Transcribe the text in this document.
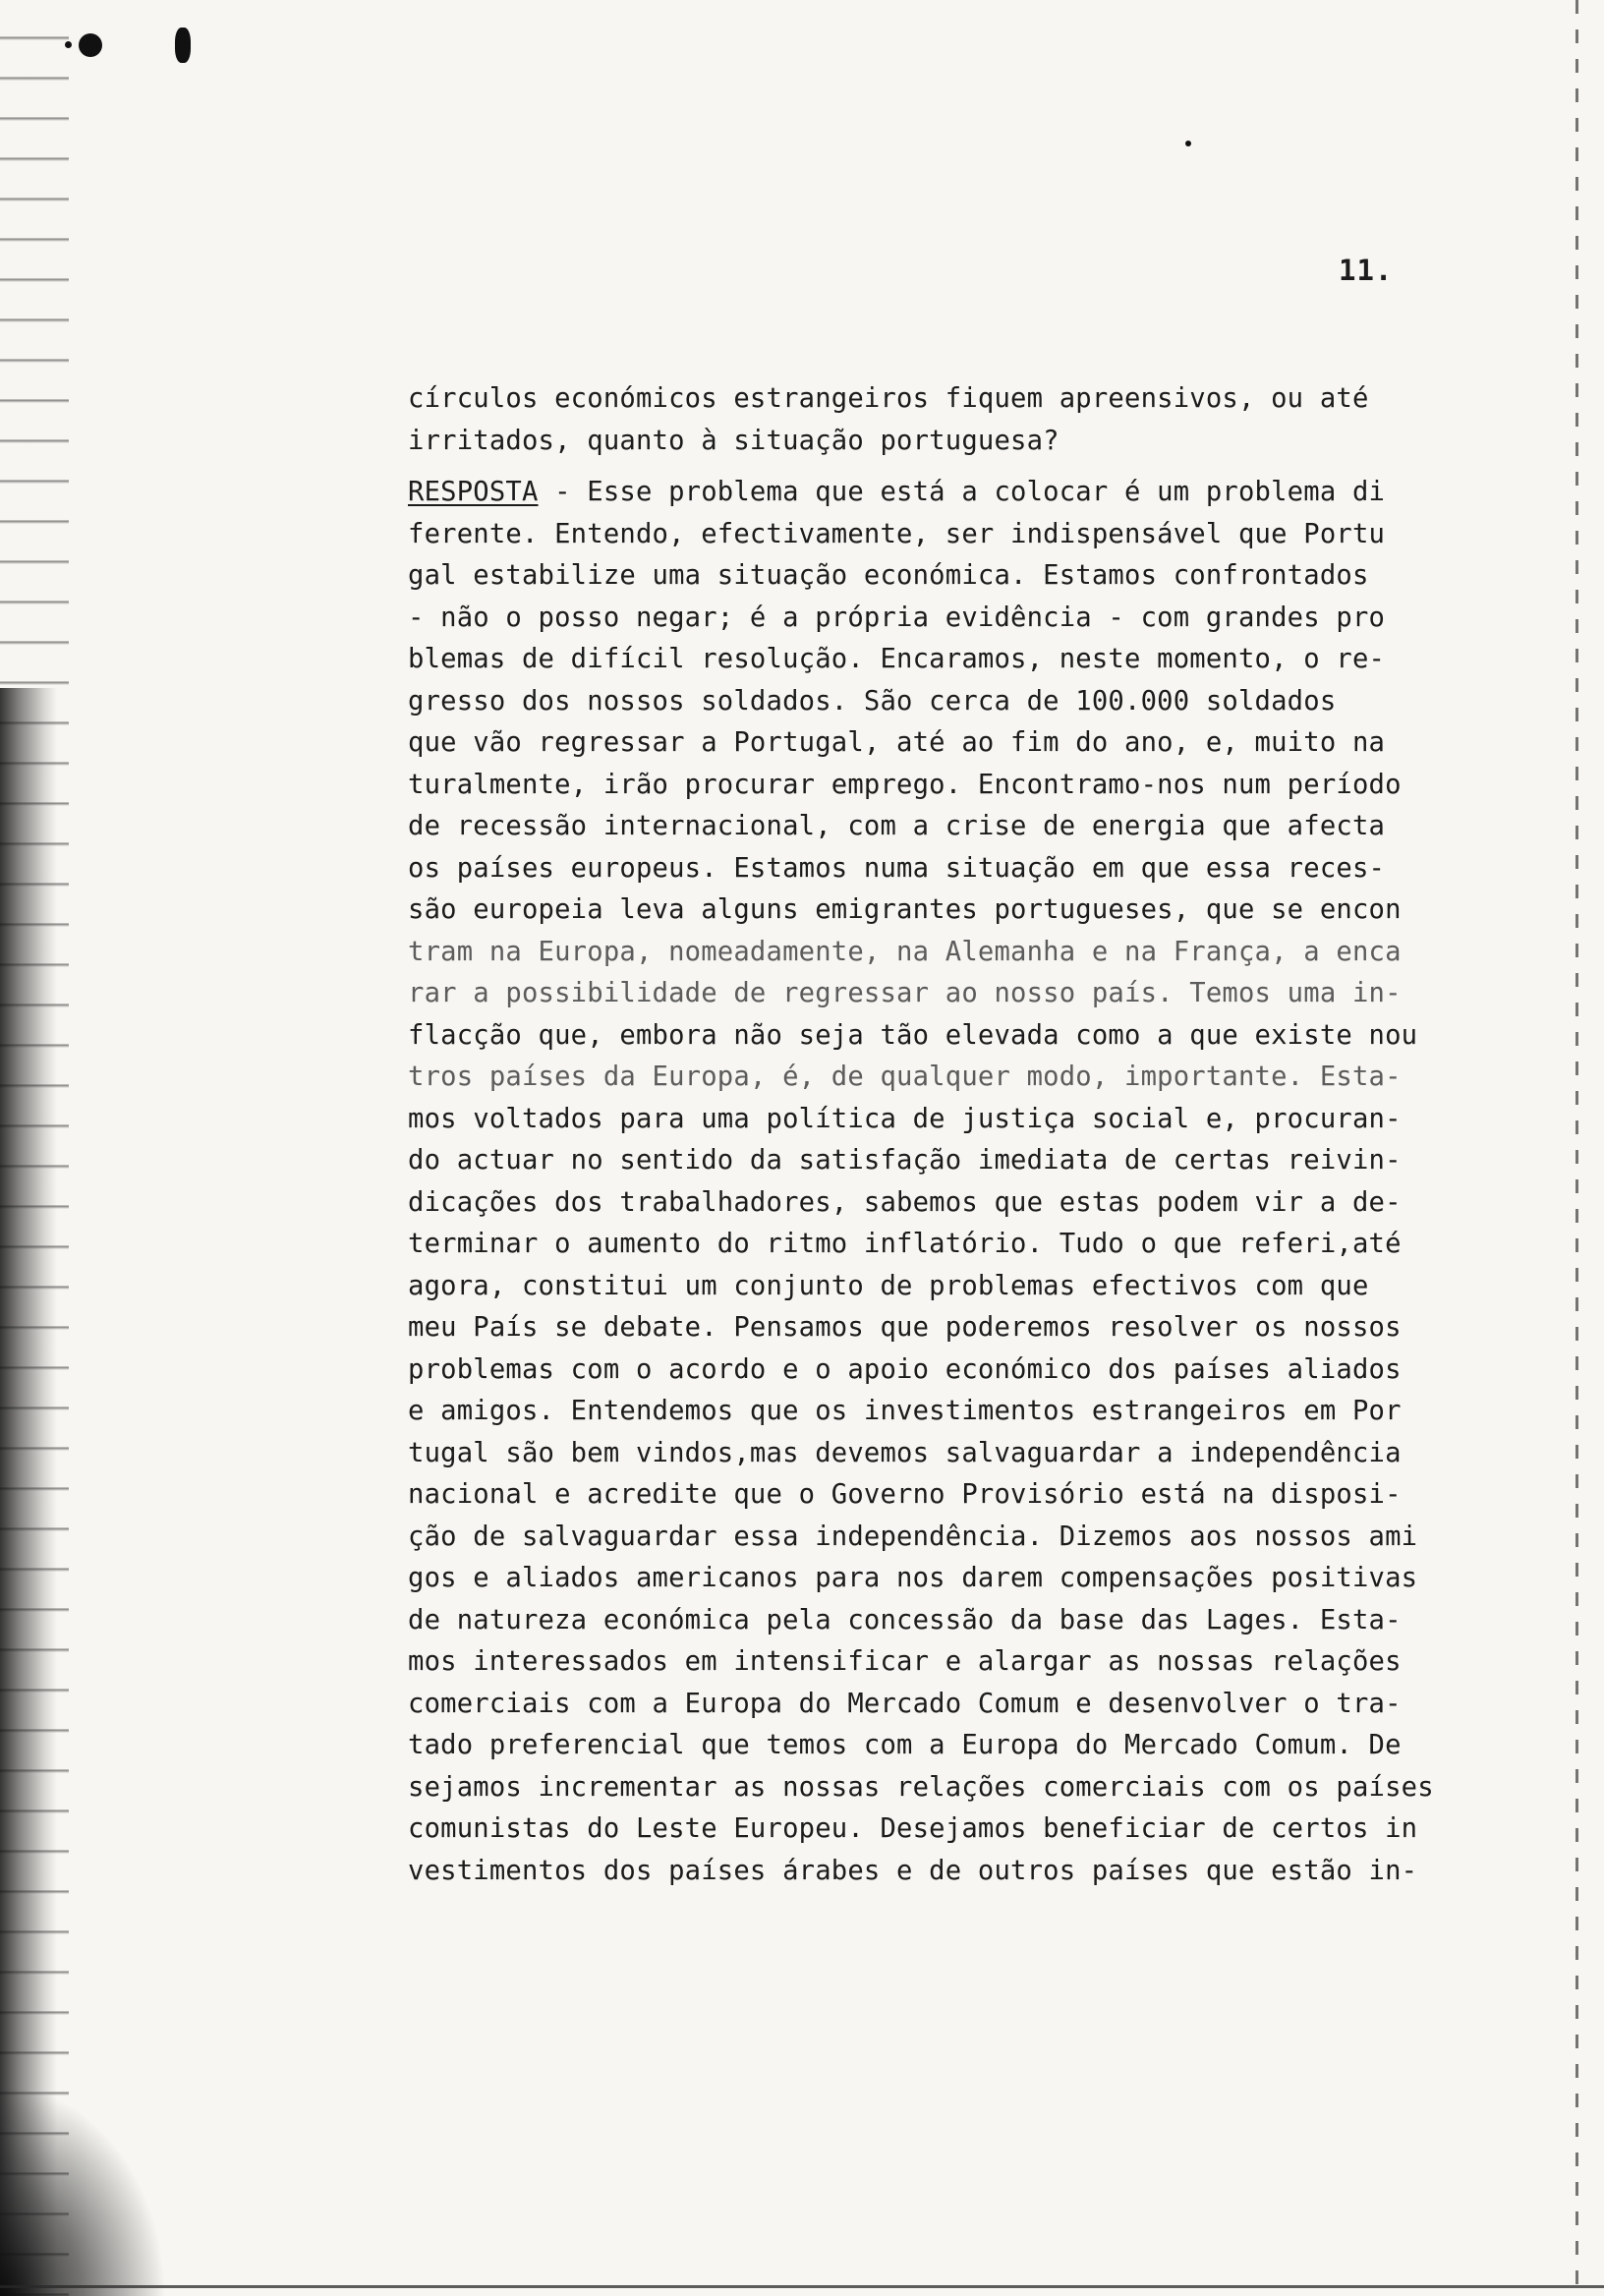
11.
círculos económicos estrangeiros fiquem apreensivos, ou até
irritados, quanto à situação portuguesa?
RESPOSTA - Esse problema que está a colocar é um problema di
ferente. Entendo, efectivamente, ser indispensável que Portu
gal estabilize uma situação económica. Estamos confrontados
- não o posso negar; é a própria evidência - com grandes pro
blemas de difícil resolução. Encaramos, neste momento, o re-
gresso dos nossos soldados. São cerca de 100.000 soldados
que vão regressar a Portugal, até ao fim do ano, e, muito na
turalmente, irão procurar emprego. Encontramo-nos num período
de recessão internacional, com a crise de energia que afecta
os países europeus. Estamos numa situação em que essa reces-
são europeia leva alguns emigrantes portugueses, que se encon
tram na Europa, nomeadamente, na Alemanha e na França, a enca
rar a possibilidade de regressar ao nosso país. Temos uma in-
flacção que, embora não seja tão elevada como a que existe nou
tros países da Europa, é, de qualquer modo, importante. Esta-
mos voltados para uma política de justiça social e, procuran-
do actuar no sentido da satisfação imediata de certas reivin-
dicações dos trabalhadores, sabemos que estas podem vir a de-
terminar o aumento do ritmo inflatório. Tudo o que referi,até
agora, constitui um conjunto de problemas efectivos com que
meu País se debate. Pensamos que poderemos resolver os nossos
problemas com o acordo e o apoio económico dos países aliados
e amigos. Entendemos que os investimentos estrangeiros em Por
tugal são bem vindos,mas devemos salvaguardar a independência
nacional e acredite que o Governo Provisório está na disposi-
ção de salvaguardar essa independência. Dizemos aos nossos ami
gos e aliados americanos para nos darem compensações positivas
de natureza económica pela concessão da base das Lages. Esta-
mos interessados em intensificar e alargar as nossas relações
comerciais com a Europa do Mercado Comum e desenvolver o tra-
tado preferencial que temos com a Europa do Mercado Comum. De
sejamos incrementar as nossas relações comerciais com os países
comunistas do Leste Europeu. Desejamos beneficiar de certos in
vestimentos dos países árabes e de outros países que estão in-
